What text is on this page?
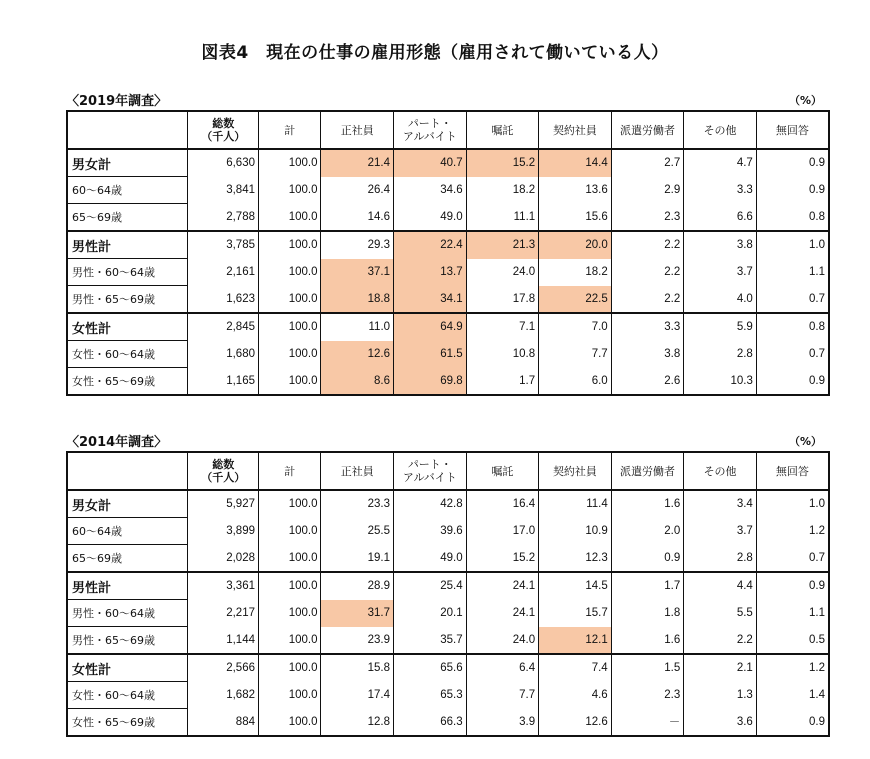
図表4　現在の仕事の雇用形態（雇用されて働いている人）
〈2019年調査〉	（%）
	総数
（千人）	計	正社員	パート・
アルバイト	嘱託	契約社員	派遣労働者	その他	無回答
男女計	6,630	100.0	21.4	40.7	15.2	14.4	2.7	4.7	0.9
60～64歳	3,841	100.0	26.4	34.6	18.2	13.6	2.9	3.3	0.9
65～69歳	2,788	100.0	14.6	49.0	11.1	15.6	2.3	6.6	0.8
男性計	3,785	100.0	29.3	22.4	21.3	20.0	2.2	3.8	1.0
男性・60～64歳	2,161	100.0	37.1	13.7	24.0	18.2	2.2	3.7	1.1
男性・65～69歳	1,623	100.0	18.8	34.1	17.8	22.5	2.2	4.0	0.7
女性計	2,845	100.0	11.0	64.9	7.1	7.0	3.3	5.9	0.8
女性・60～64歳	1,680	100.0	12.6	61.5	10.8	7.7	3.8	2.8	0.7
女性・65～69歳	1,165	100.0	8.6	69.8	1.7	6.0	2.6	10.3	0.9
〈2014年調査〉	（%）
	総数
（千人）	計	正社員	パート・
アルバイト	嘱託	契約社員	派遣労働者	その他	無回答
男女計	5,927	100.0	23.3	42.8	16.4	11.4	1.6	3.4	1.0
60～64歳	3,899	100.0	25.5	39.6	17.0	10.9	2.0	3.7	1.2
65～69歳	2,028	100.0	19.1	49.0	15.2	12.3	0.9	2.8	0.7
男性計	3,361	100.0	28.9	25.4	24.1	14.5	1.7	4.4	0.9
男性・60～64歳	2,217	100.0	31.7	20.1	24.1	15.7	1.8	5.5	1.1
男性・65～69歳	1,144	100.0	23.9	35.7	24.0	12.1	1.6	2.2	0.5
女性計	2,566	100.0	15.8	65.6	6.4	7.4	1.5	2.1	1.2
女性・60～64歳	1,682	100.0	17.4	65.3	7.7	4.6	2.3	1.3	1.4
女性・65～69歳	884	100.0	12.8	66.3	3.9	12.6	－	3.6	0.9
